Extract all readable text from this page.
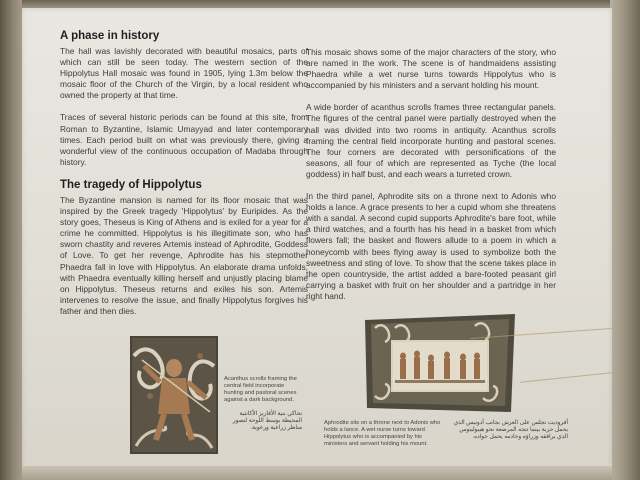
A phase in history

The hall was lavishly decorated with beautiful mosaics, parts of which can still be seen today. The western section of the Hippolytus Hall mosaic was found in 1905, lying 1.3m below the mosaic floor of the Church of the Virgin, by a local resident who owned the property at that time.

Traces of several historic periods can be found at this site, from Roman to Byzantine, Islamic Umayyad and later contemporary times. Each period built on what was previously there, giving a wonderful view of the continuous occupation of Madaba through history.

The tragedy of Hippolytus

The Byzantine mansion is named for its floor mosaic that was inspired by the Greek tragedy 'Hippolytus' by Euripides. As the story goes, Theseus is King of Athens and is exiled for a year for a crime he committed. Hippolytus is his illegitimate son, who has sworn chastity and reveres Artemis instead of Aphrodite, Goddess of Love. To get her revenge, Aphrodite has his stepmother Phaedra fall in love with Hippolytus. An elaborate drama unfolds, with Phaedra eventually killing herself and unjustly placing blame on Hippolytus. Theseus returns and exiles his son. Artemis intervenes to resolve the issue, and finally Hippolytus forgives his father and then dies.

This mosaic shows some of the major characters of the story, who are named in the work. The scene is of handmaidens assisting Phaedra while a wet nurse turns towards Hippolytus who is accompanied by his ministers and a servant holding his mount.

A wide border of acanthus scrolls frames three rectangular panels. The figures of the central panel were partially destroyed when the hall was divided into two rooms in antiquity. Acanthus scrolls framing the central field incorporate hunting and pastoral scenes. The four corners are decorated with personifications of the seasons, all four of which are represented as Tyche (the local goddess) in half bust, and each wears a turreted crown.

In the third panel, Aphrodite sits on a throne next to Adonis who holds a lance. A grace presents to her a cupid whom she threatens with a sandal. A second cupid supports Aphrodite's bare foot, while a third watches, and a fourth has his head in a basket from which flowers fall; the basket and flowers allude to a poem in which a honeycomb with bees flying away is used to symbolize both the sweetness and sting of love. To show that the scene takes place in the open countryside, the artist added a bare-footed peasant girl carrying a basket with fruit on her shoulder and a partridge in her right hand.

Acanthus scrolls framing the central field incorporate hunting and pastoral scenes against a dark background.

تحاكي بنية الأفاريز الأكانثية المحيطة بوسط اللوحة لتصور مناظر زراعية ورعوية.

Aphrodite sits on a throne next to Adonis who holds a lance. A wet nurse turns toward Hippolytus who is accompanied by his ministers and servant holding his mount.

أفروديت تجلس على العرش بجانب أدونيس الذي يحمل حربة بينما تتجه المرضعة نحو هيبوليتوس الذي يرافقه وزراؤه وخادمه يحمل جواده.
